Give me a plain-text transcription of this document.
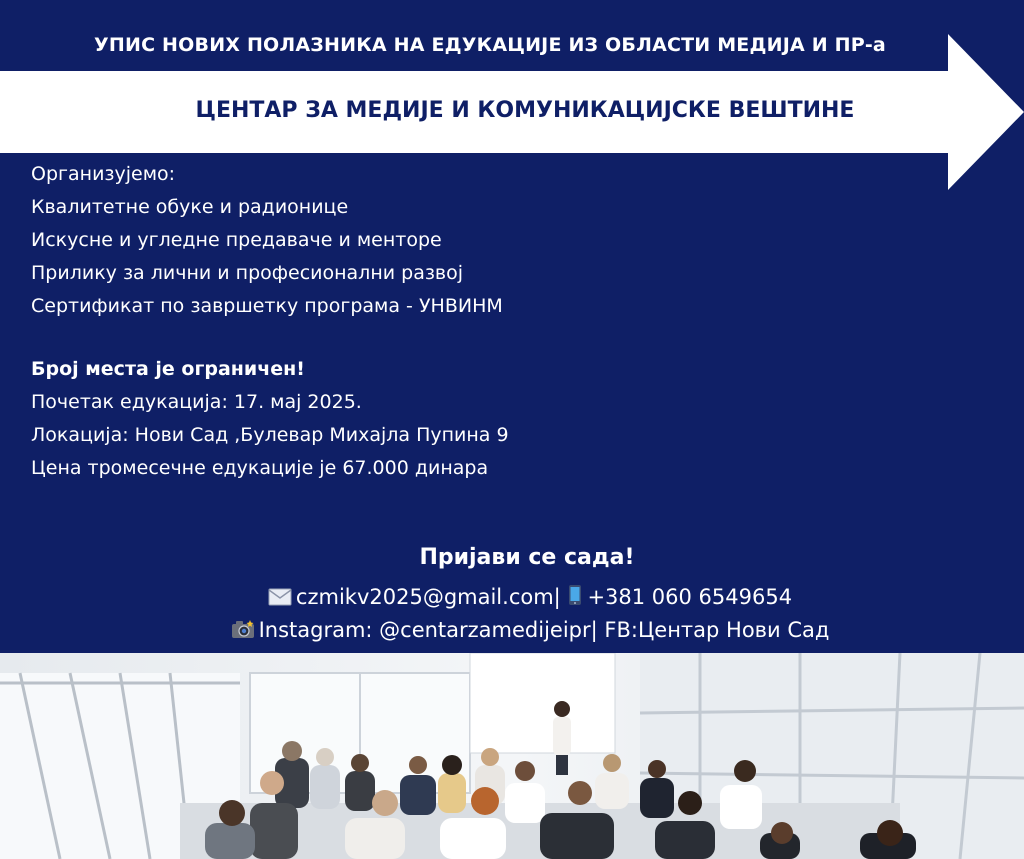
УПИС НОВИХ ПОЛАЗНИКА НА ЕДУКАЦИЈЕ ИЗ ОБЛАСТИ МЕДИЈА И ПР-а
ЦЕНТАР ЗА МЕДИЈЕ И КОМУНИКАЦИЈСКЕ ВЕШТИНЕ
Организујемо:
Квалитетне обуке и радионице
Искусне и угледне предаваче и менторе
Прилику за лични и професионални развој
Сертификат по завршетку програма - УНВИНМ
Број места је ограничен!
Почетак едукација: 17. мај 2025.
Локација: Нови Сад ,Булевар Михајла Пупина 9
Цена тромесечне едукације је 67.000 динара
Пријави се сада!
czmikv2025@gmail.com| +381 060 6549654
Instagram: @centarzamedijeipr| FB:Центар Нови Сад
